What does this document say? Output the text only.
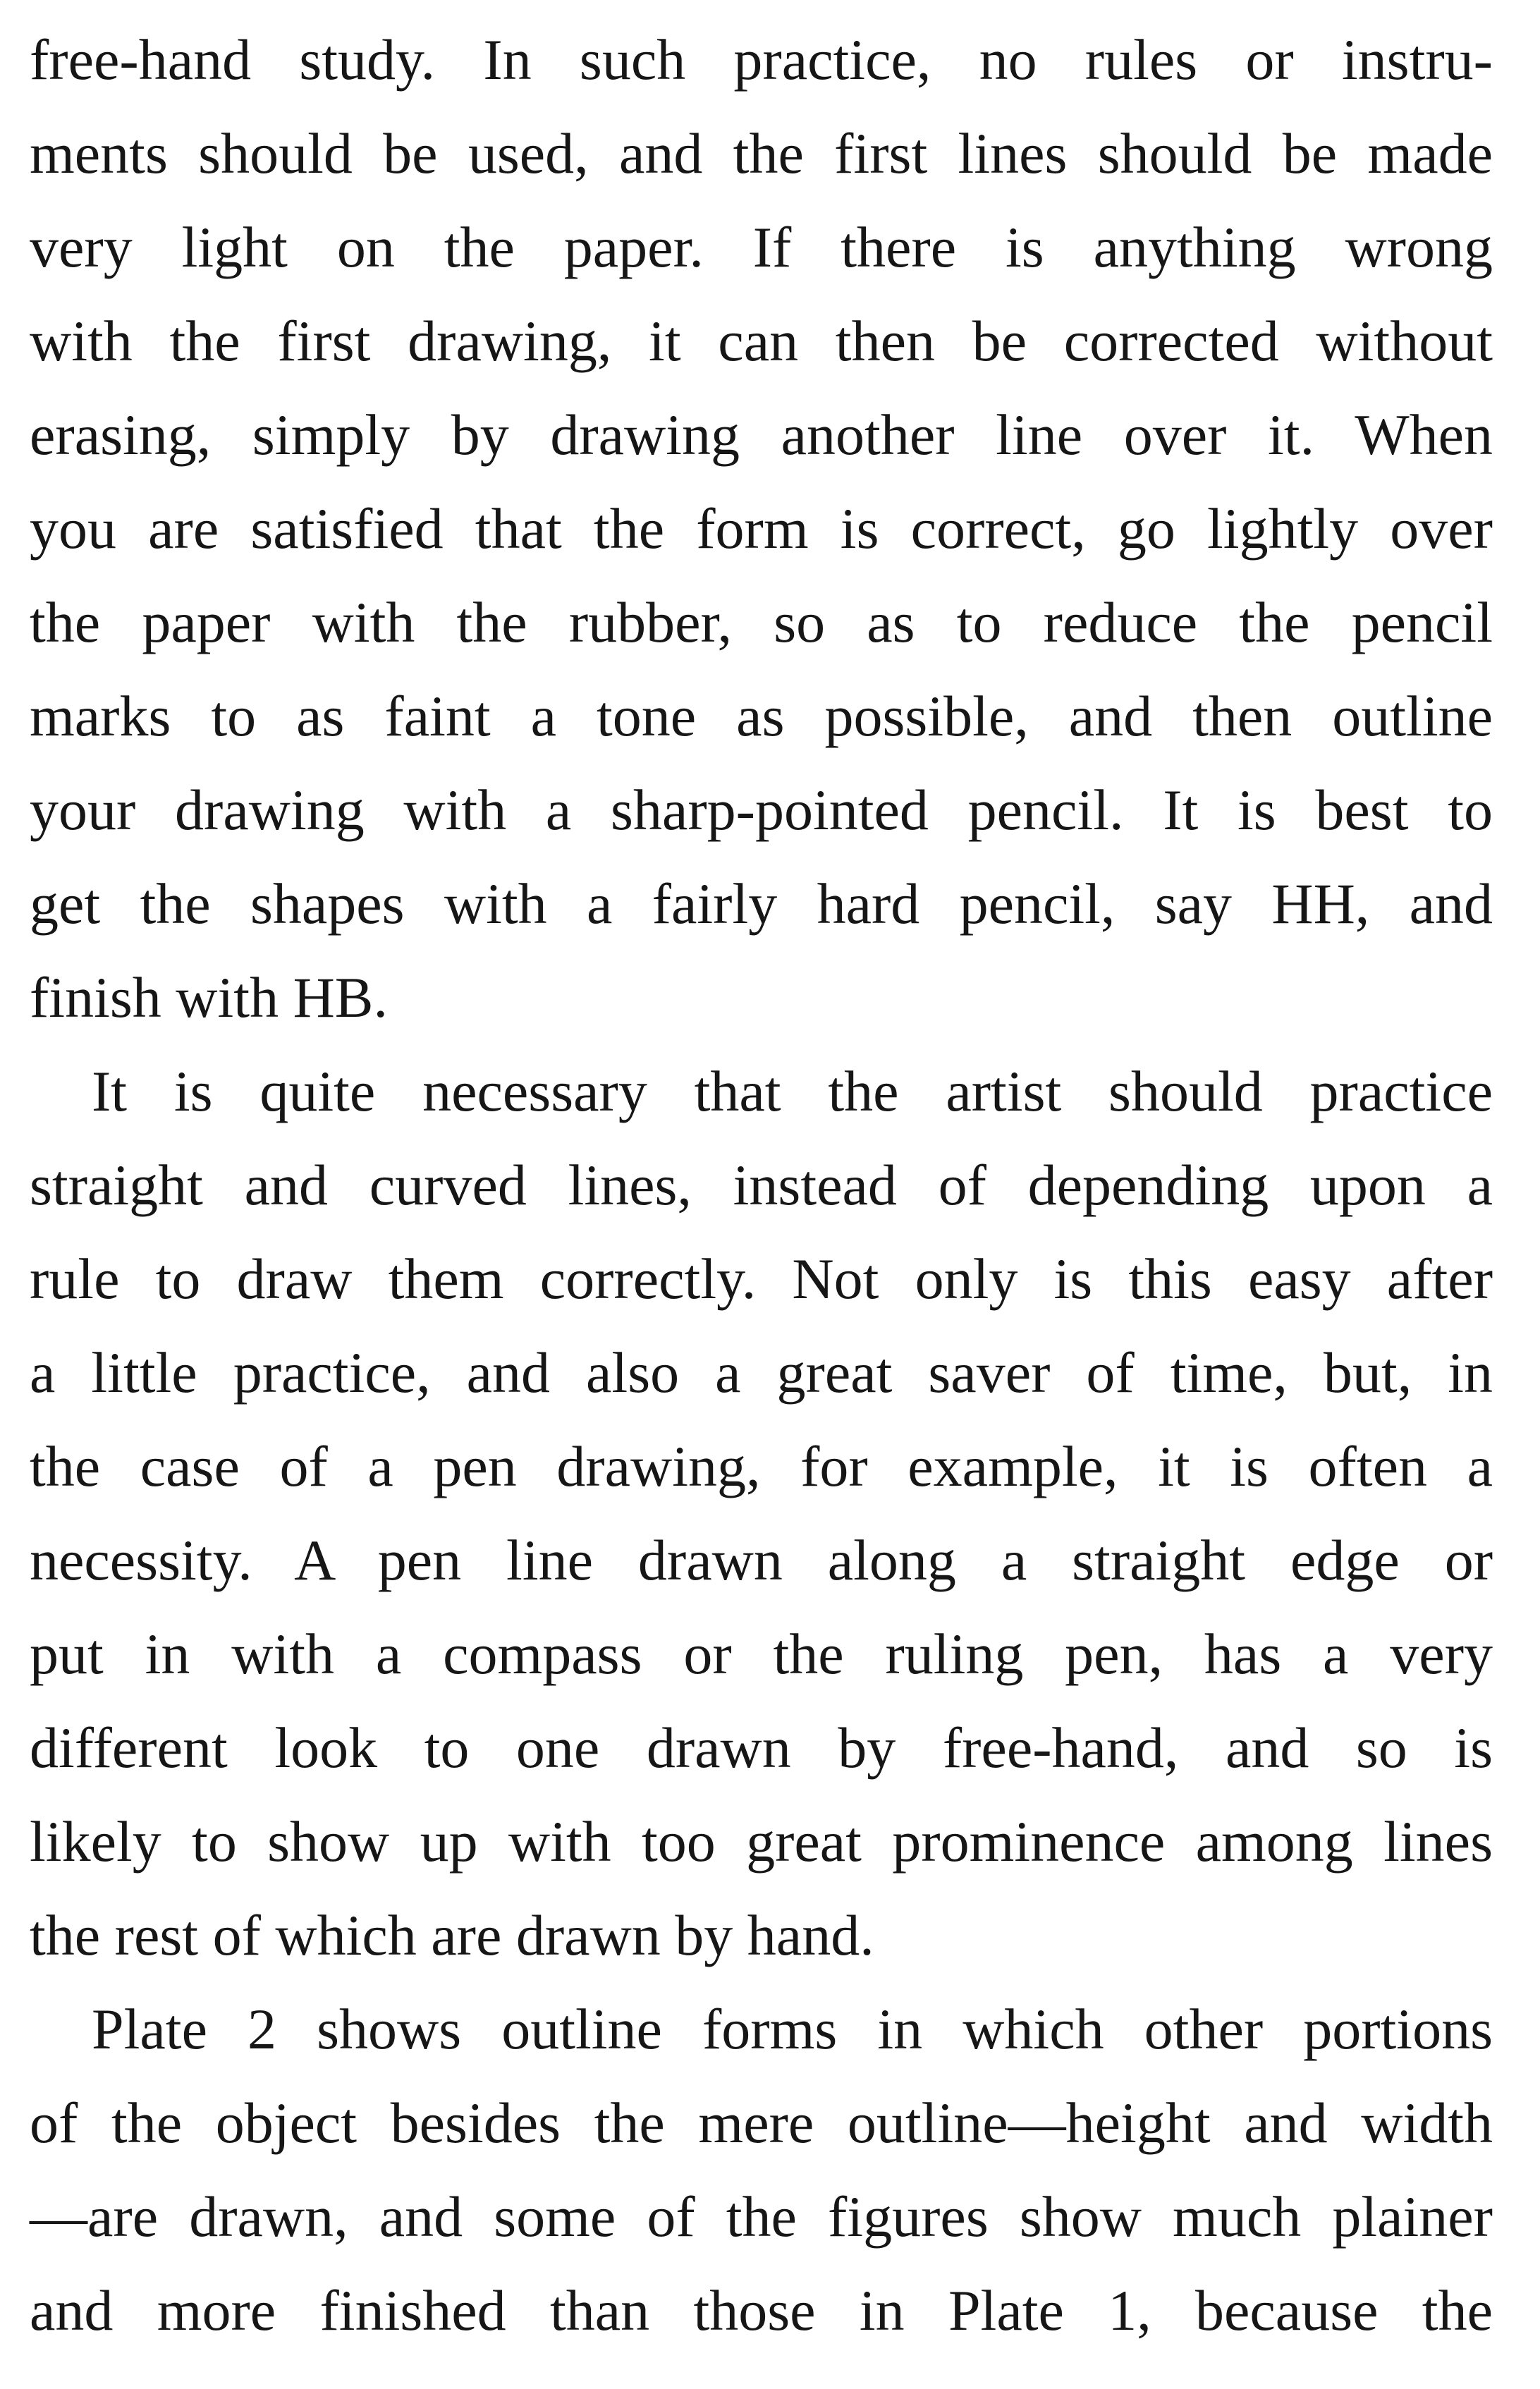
free-hand study. In such practice, no rules or instru-
ments should be used, and the first lines should be made
very light on the paper. If there is anything wrong
with the first drawing, it can then be corrected without
erasing, simply by drawing another line over it. When
you are satisfied that the form is correct, go lightly over
the paper with the rubber, so as to reduce the pencil
marks to as faint a tone as possible, and then outline
your drawing with a sharp-pointed pencil. It is best to
get the shapes with a fairly hard pencil, say HH, and
finish with HB.
It is quite necessary that the artist should practice
straight and curved lines, instead of depending upon a
rule to draw them correctly. Not only is this easy after
a little practice, and also a great saver of time, but, in
the case of a pen drawing, for example, it is often a
necessity. A pen line drawn along a straight edge or
put in with a compass or the ruling pen, has a very
different look to one drawn by free-hand, and so is
likely to show up with too great prominence among lines
the rest of which are drawn by hand.
Plate 2 shows outline forms in which other portions
of the object besides the mere outline—height and width
—are drawn, and some of the figures show much plainer
and more finished than those in Plate 1, because the
